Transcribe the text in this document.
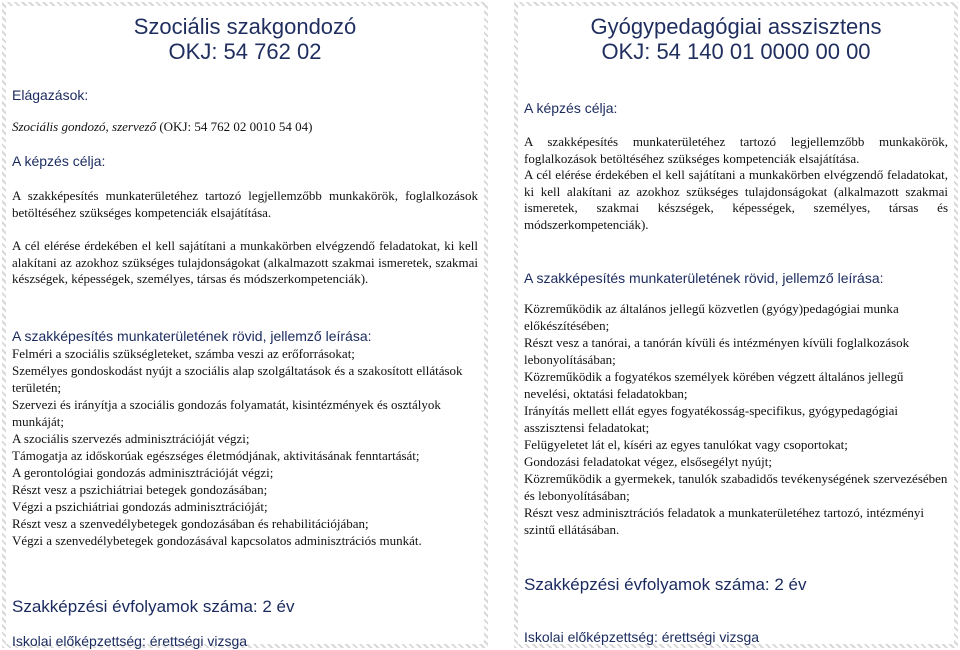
Szociális szakgondozó
OKJ: 54 762 02
Elágazások:
Szociális gondozó, szervező (OKJ: 54 762 02 0010 54 04)
A képzés célja:
A szakképesítés munkaterületéhez tartozó legjellemzőbb munkakörök, foglalkozások betöltéséhez szükséges kompetenciák elsajátítása.
A cél elérése érdekében el kell sajátítani a munkakörben elvégzendő feladatokat, ki kell alakítani az azokhoz szükséges tulajdonságokat (alkalmazott szakmai ismeretek, szakmai készségek, képességek, személyes, társas és módszerkompetenciák).
A szakképesítés munkaterületének rövid, jellemző leírása:
Felméri a szociális szükségleteket, számba veszi az erőforrásokat;
Személyes gondoskodást nyújt a szociális alap szolgáltatások és a szakosított ellátások területén;
Szervezi és irányítja a szociális gondozás folyamatát, kisintézmények és osztályok munkáját;
A szociális szervezés adminisztrációját végzi;
Támogatja az időskorúak egészséges életmódjának, aktivitásának fenntartását;
A gerontológiai gondozás adminisztrációját végzi;
Részt vesz a pszichiátriai betegek gondozásában;
Végzi a pszichiátriai gondozás adminisztrációját;
Részt vesz a szenvedélybetegek gondozásában és rehabilitációjában;
Végzi a szenvedélybetegek gondozásával kapcsolatos adminisztrációs munkát.
Szakképzési évfolyamok száma: 2 év
Iskolai előképzettség: érettségi vizsga
Gyógypedagógiai asszisztens
OKJ: 54 140 01 0000 00 00
A képzés célja:
A szakképesítés munkaterületéhez tartozó legjellemzőbb munkakörök, foglalkozások betöltéséhez szükséges kompetenciák elsajátítása.
A cél elérése érdekében el kell sajátítani a munkakörben elvégzendő feladatokat, ki kell alakítani az azokhoz szükséges tulajdonságokat (alkalmazott szakmai ismeretek, szakmai készségek, képességek, személyes, társas és módszerkompetenciák).
A szakképesítés munkaterületének rövid, jellemző leírása:
Közreműködik az általános jellegű közvetlen (gyógy)pedagógiai munka előkészítésében;
Részt vesz a tanórai, a tanórán kívüli és intézményen kívüli foglalkozások lebonyolításában;
Közreműködik a fogyatékos személyek körében végzett általános jellegű nevelési, oktatási feladatokban;
Irányítás mellett ellát egyes fogyatékosság-specifikus, gyógypedagógiai asszisztensi feladatokat;
Felügyeletet lát el, kíséri az egyes tanulókat vagy csoportokat;
Gondozási feladatokat végez, elsősegélyt nyújt;
Közreműködik a gyermekek, tanulók szabadidős tevékenységének szervezésében és lebonyolításában;
Részt vesz adminisztrációs feladatok a munkaterületéhez tartozó, intézményi szintű ellátásában.
Szakképzési évfolyamok száma: 2 év
Iskolai előképzettség: érettségi vizsga
